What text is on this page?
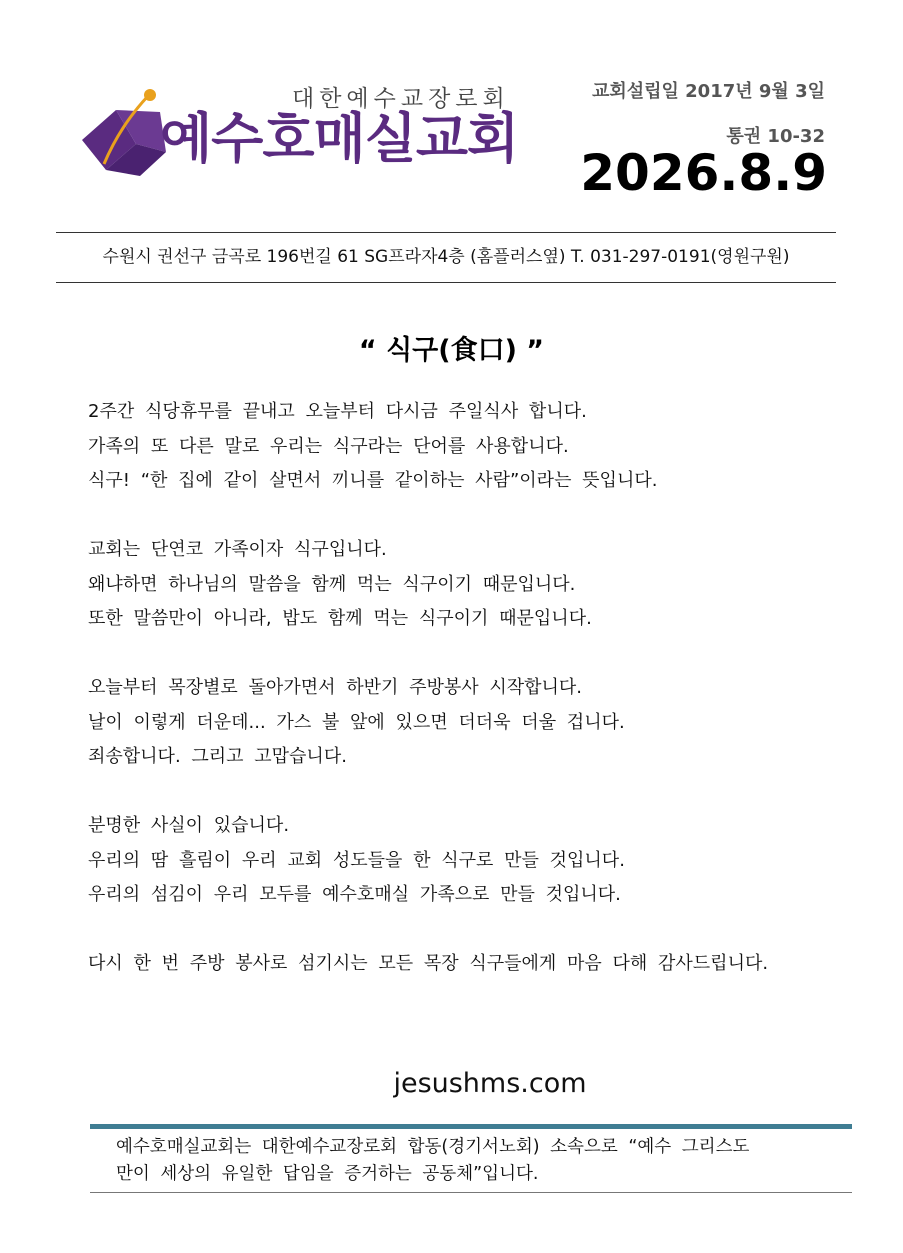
대한예수교장로회
예수호매실교회
교회설립일 2017년 9월 3일
통권 10-32
2026.8.9
수원시 권선구 금곡로 196번길 61 SG프라자4층 (홈플러스옆) T. 031-297-0191(영원구원)
“ 식구(食口) ”
2주간 식당휴무를 끝내고 오늘부터 다시금 주일식사 합니다.
가족의 또 다른 말로 우리는 식구라는 단어를 사용합니다.
식구! “한 집에 같이 살면서 끼니를 같이하는 사람”이라는 뜻입니다.
교회는 단연코 가족이자 식구입니다.
왜냐하면 하나님의 말씀을 함께 먹는 식구이기 때문입니다.
또한 말씀만이 아니라, 밥도 함께 먹는 식구이기 때문입니다.
오늘부터 목장별로 돌아가면서 하반기 주방봉사 시작합니다.
날이 이렇게 더운데... 가스 불 앞에 있으면 더더욱 더울 겁니다.
죄송합니다. 그리고 고맙습니다.
분명한 사실이 있습니다.
우리의 땀 흘림이 우리 교회 성도들을 한 식구로 만들 것입니다.
우리의 섬김이 우리 모두를 예수호매실 가족으로 만들 것입니다.
다시 한 번 주방 봉사로 섬기시는 모든 목장 식구들에게 마음 다해 감사드립니다.
jesushms.com
예수호매실교회는 대한예수교장로회 합동(경기서노회) 소속으로 “예수 그리스도
만이 세상의 유일한 답임을 증거하는 공동체”입니다.
